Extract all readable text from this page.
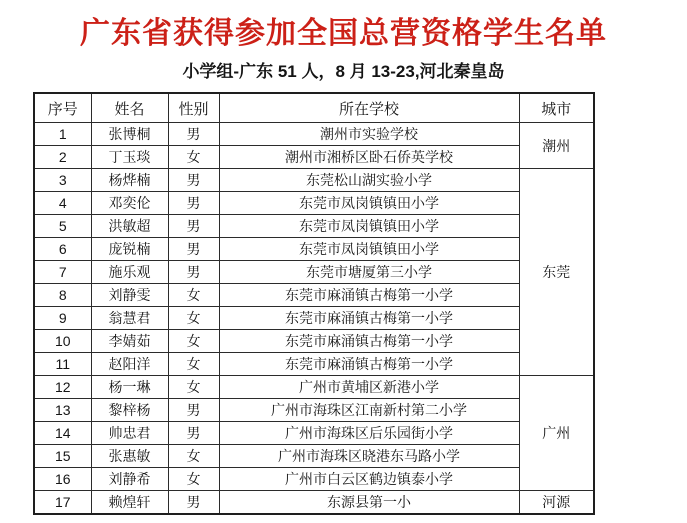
广东省获得参加全国总营资格学生名单
小学组-广东 51 人，8 月 13-23,河北秦皇岛
序号	姓名	性别	所在学校	城市
1	张博桐	男	潮州市实验学校	潮州
2	丁玉琰	女	潮州市湘桥区卧石侨英学校	
3	杨烨楠	男	东莞松山湖实验小学	东莞
4	邓奕伦	男	东莞市凤岗镇镇田小学	
5	洪敏超	男	东莞市凤岗镇镇田小学	
6	庞锐楠	男	东莞市凤岗镇镇田小学	
7	施乐观	男	东莞市塘厦第三小学	
8	刘静雯	女	东莞市麻涌镇古梅第一小学	
9	翁慧君	女	东莞市麻涌镇古梅第一小学	
10	李婧茹	女	东莞市麻涌镇古梅第一小学	
11	赵阳洋	女	东莞市麻涌镇古梅第一小学	
12	杨一琳	女	广州市黄埔区新港小学	广州
13	黎梓杨	男	广州市海珠区江南新村第二小学	
14	帅忠君	男	广州市海珠区后乐园街小学	
15	张惠敏	女	广州市海珠区晓港东马路小学	
16	刘静希	女	广州市白云区鹤边镇泰小学	
17	赖煌轩	男	东源县第一小	河源
